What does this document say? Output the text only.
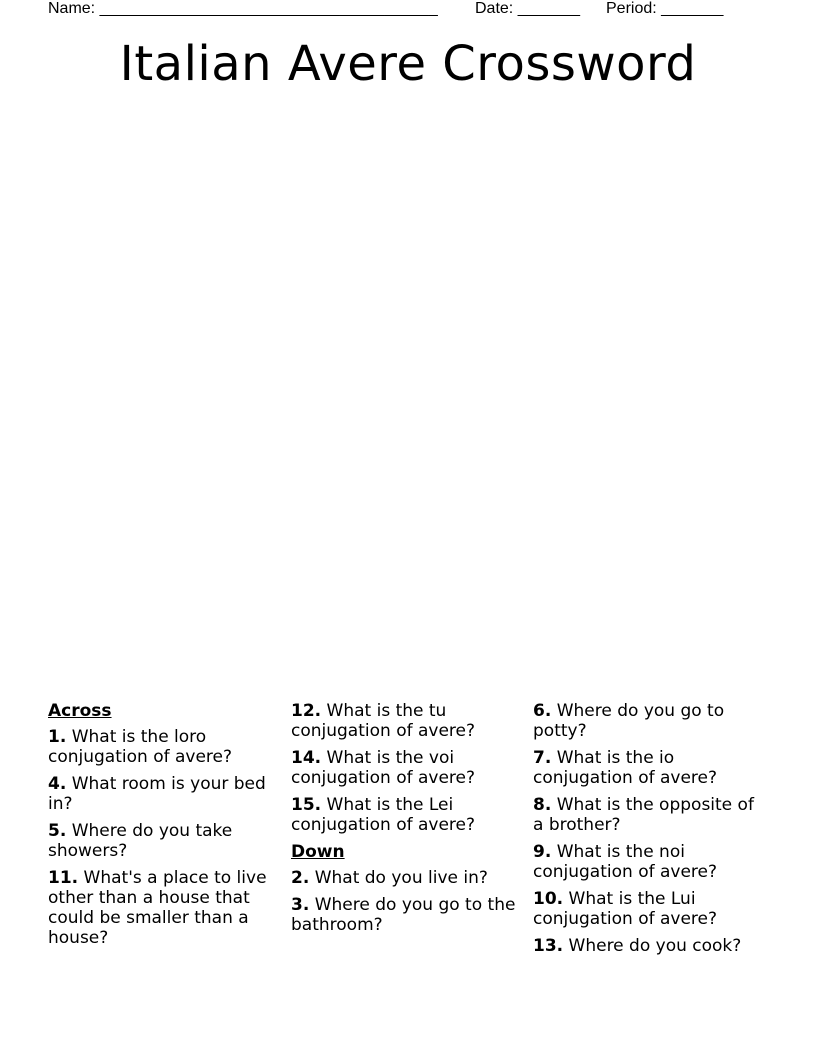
Name: ______________________________________ Date: _______ Period: _______
Italian Avere Crossword
Across
1. What is the loro conjugation of avere?
4. What room is your bed in?
5. Where do you take showers?
11. What's a place to live other than a house that could be smaller than a house?
12. What is the tu conjugation of avere?
14. What is the voi conjugation of avere?
15. What is the Lei conjugation of avere?
Down
2. What do you live in?
3. Where do you go to the bathroom?
6. Where do you go to potty?
7. What is the io conjugation of avere?
8. What is the opposite of a brother?
9. What is the noi conjugation of avere?
10. What is the Lui conjugation of avere?
13. Where do you cook?
